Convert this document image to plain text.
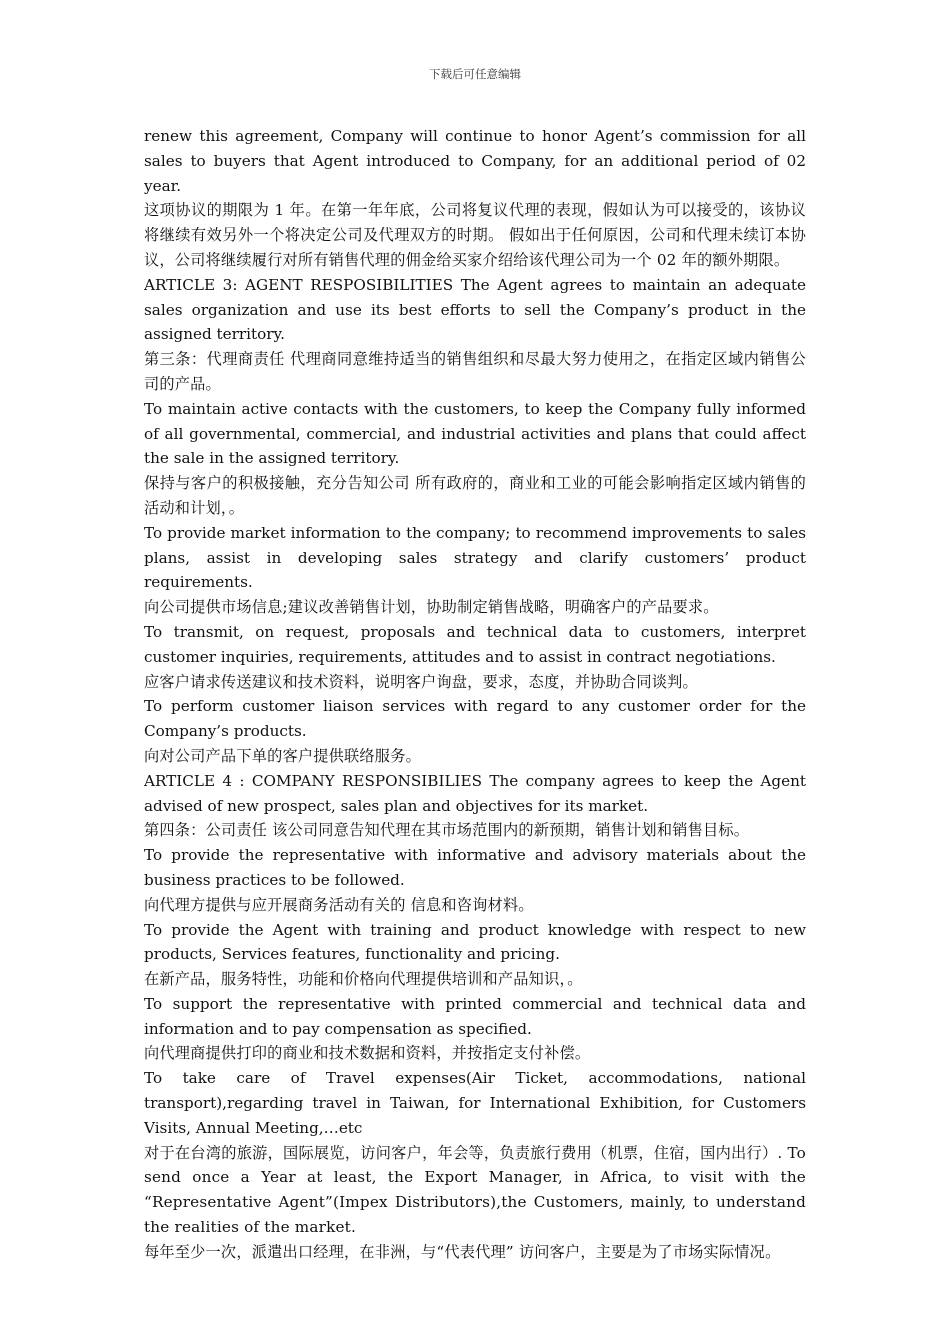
下载后可任意编辑

renew this agreement, Company will continue to honor Agent’s commission for all sales to buyers that Agent introduced to Company, for an additional period of 02 year.

这项协议的期限为 1 年。在第一年年底，公司将复议代理的表现，假如认为可以接受的，该协议将继续有效另外一个将决定公司及代理双方的时期。 假如出于任何原因，公司和代理未续订本协议，公司将继续履行对所有销售代理的佣金给买家介绍给该代理公司为一个 02 年的额外期限。

ARTICLE 3: AGENT RESPOSIBILITIES The Agent agrees to maintain an adequate sales organization and use its best efforts to sell the Company’s product in the assigned territory.

第三条：代理商责任 代理商同意维持适当的销售组织和尽最大努力使用之，在指定区域内销售公司的产品。

To maintain active contacts with the customers, to keep the Company fully informed of all governmental, commercial, and industrial activities and plans that could affect the sale in the assigned territory.

保持与客户的积极接触，充分告知公司 所有政府的，商业和工业的可能会影响指定区域内销售的活动和计划，。

To provide market information to the company; to recommend improvements to sales plans, assist in developing sales strategy and clarify customers’ product requirements.

向公司提供市场信息;建议改善销售计划，协助制定销售战略，明确客户的产品要求。

To transmit, on request, proposals and technical data to customers, interpret customer inquiries, requirements, attitudes and to assist in contract negotiations.

应客户请求传送建议和技术资料，说明客户询盘，要求，态度，并协助合同谈判。

To perform customer liaison services with regard to any customer order for the Company’s products.

向对公司产品下单的客户提供联络服务。

ARTICLE 4 : COMPANY RESPONSIBILIES The company agrees to keep the Agent advised of new prospect, sales plan and objectives for its market.

第四条：公司责任 该公司同意告知代理在其市场范围内的新预期，销售计划和销售目标。

To provide the representative with informative and advisory materials about the business practices to be followed.

向代理方提供与应开展商务活动有关的 信息和咨询材料。

To provide the Agent with training and product knowledge with respect to new products, Services features, functionality and pricing.

在新产品，服务特性，功能和价格向代理提供培训和产品知识，。

To support the representative with printed commercial and technical data and information and to pay compensation as specified.

向代理商提供打印的商业和技术数据和资料，并按指定支付补偿。

To take care of Travel expenses(Air Ticket, accommodations, national transport),regarding travel in Taiwan, for International Exhibition, for Customers Visits, Annual Meeting,…etc

对于在台湾的旅游，国际展览，访问客户，年会等，负责旅行费用（机票，住宿，国内出行）. To send once a Year at least, the Export Manager, in Africa, to visit with the “Representative Agent”(Impex Distributors),the Customers, mainly, to understand the realities of the market.

每年至少一次，派遣出口经理，在非洲，与“代表代理” 访问客户，主要是为了市场实际情况。
